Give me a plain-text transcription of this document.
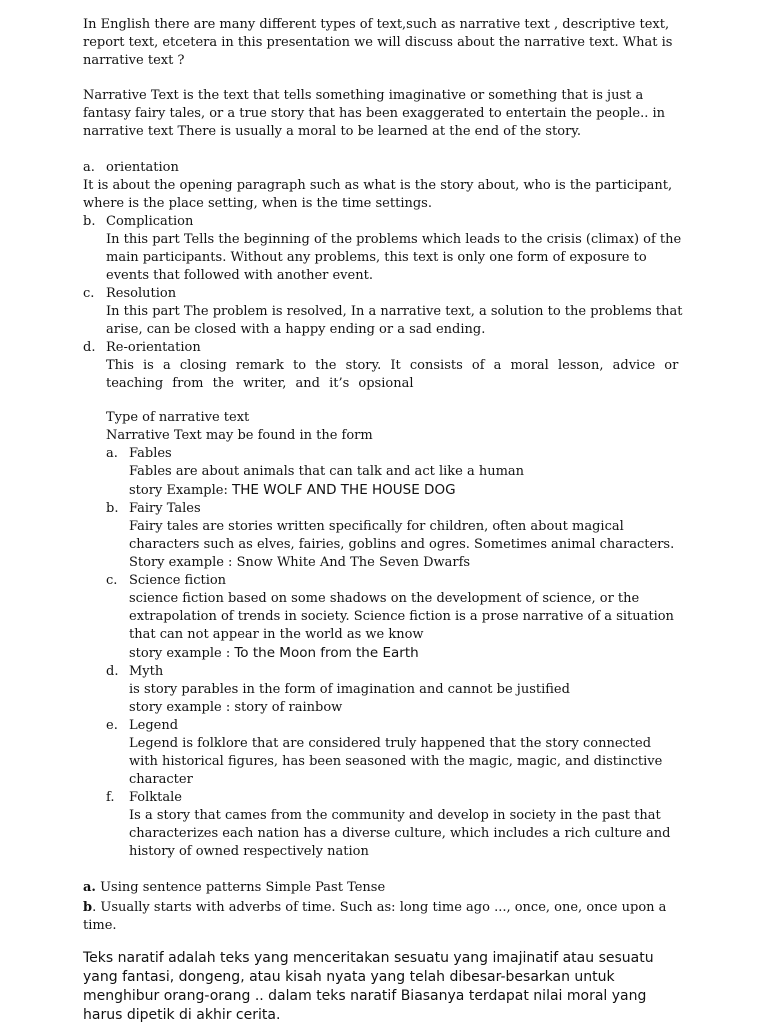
In English there are many different types of text,such as narrative text , descriptive text, report text, etcetera in this presentation we will discuss about the narrative text. What is narrative text ?

Narrative Text is the text that tells something imaginative or something that is just a fantasy fairy tales, or a true story that has been exaggerated to entertain the people.. in narrative text There is usually a moral to be learned at the end of the story.

a. orientation

It is about the opening paragraph such as what is the story about, who is the participant, where is the place setting, when is the time settings.

b. Complication

In this part Tells the beginning of the problems which leads to the crisis (climax) of the main participants. Without any problems, this text is only one form of exposure to events that followed with another event.

c. Resolution

In this part The problem is resolved, In a narrative text, a solution to the problems that arise, can be closed with a happy ending or a sad ending.

d. Re-orientation

This is a closing remark to the story. It consists of a moral lesson, advice or teaching from the writer, and it’s opsional

Type of narrative text

Narrative Text may be found in the form

a. Fables

Fables are about animals that can talk and act like a human

story Example: THE WOLF AND THE HOUSE DOG

b. Fairy Tales

Fairy tales are stories written specifically for children, often about magical characters such as elves, fairies, goblins and ogres. Sometimes animal characters.

Story example : Snow White And The Seven Dwarfs

c. Science fiction

science fiction based on some shadows on the development of science, or the extrapolation of trends in society. Science fiction is a prose narrative of a situation that can not appear in the world as we know

story example : To the Moon from the Earth

d. Myth

is story parables in the form of imagination and cannot be justified

story example : story of rainbow

e. Legend

Legend is folklore that are considered truly happened that the story connected with historical figures, has been seasoned with the magic, magic, and distinctive character

f.	Folktale

Is a story that cames from the community and develop in society in the past that characterizes each nation has a diverse culture, which includes a rich culture and history of owned respectively nation

a. Using sentence patterns Simple Past Tense

b. Usually starts with adverbs of time. Such as: long time ago ..., once, one, once upon a time.

Teks naratif adalah teks yang menceritakan sesuatu yang imajinatif atau sesuatu yang fantasi, dongeng, atau kisah nyata yang telah dibesar-besarkan untuk menghibur orang-orang .. dalam teks naratif Biasanya terdapat nilai moral yang harus dipetik di akhir cerita.
